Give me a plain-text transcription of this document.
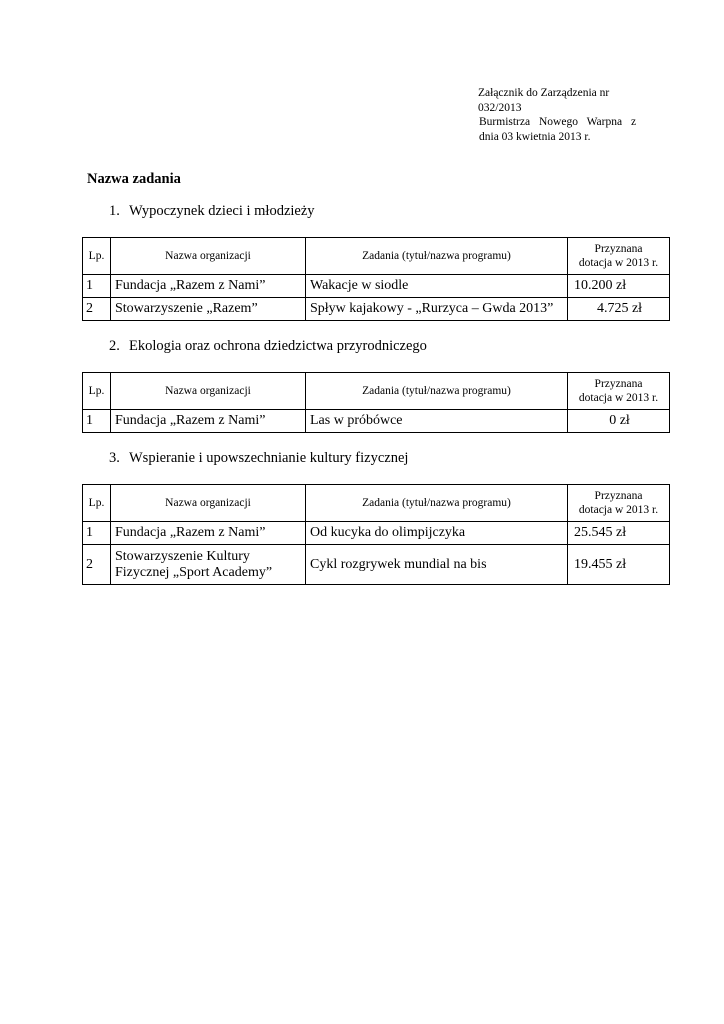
Załącznik do Zarządzenia nr
032/2013
Burmistrza Nowego Warpna z
dnia 03 kwietnia 2013 r.
Nazwa zadania
1. Wypoczynek dzieci i młodzieży
Lp.	Nazwa organizacji	Zadania (tytuł/nazwa programu)	Przyznana
dotacja w 2013 r.
1	Fundacja „Razem z Nami”	Wakacje w siodle	10.200 zł
2	Stowarzyszenie „Razem”	Spływ kajakowy - „Rurzyca – Gwda 2013”	4.725 zł
2. Ekologia oraz ochrona dziedzictwa przyrodniczego
Lp.	Nazwa organizacji	Zadania (tytuł/nazwa programu)	Przyznana
dotacja w 2013 r.
1	Fundacja „Razem z Nami”	Las w próbówce	0 zł
3. Wspieranie i upowszechnianie kultury fizycznej
Lp.	Nazwa organizacji	Zadania (tytuł/nazwa programu)	Przyznana
dotacja w 2013 r.
1	Fundacja „Razem z Nami”	Od kucyka do olimpijczyka	25.545 zł
2	Stowarzyszenie Kultury
Fizycznej „Sport Academy”	Cykl rozgrywek mundial na bis	19.455 zł
